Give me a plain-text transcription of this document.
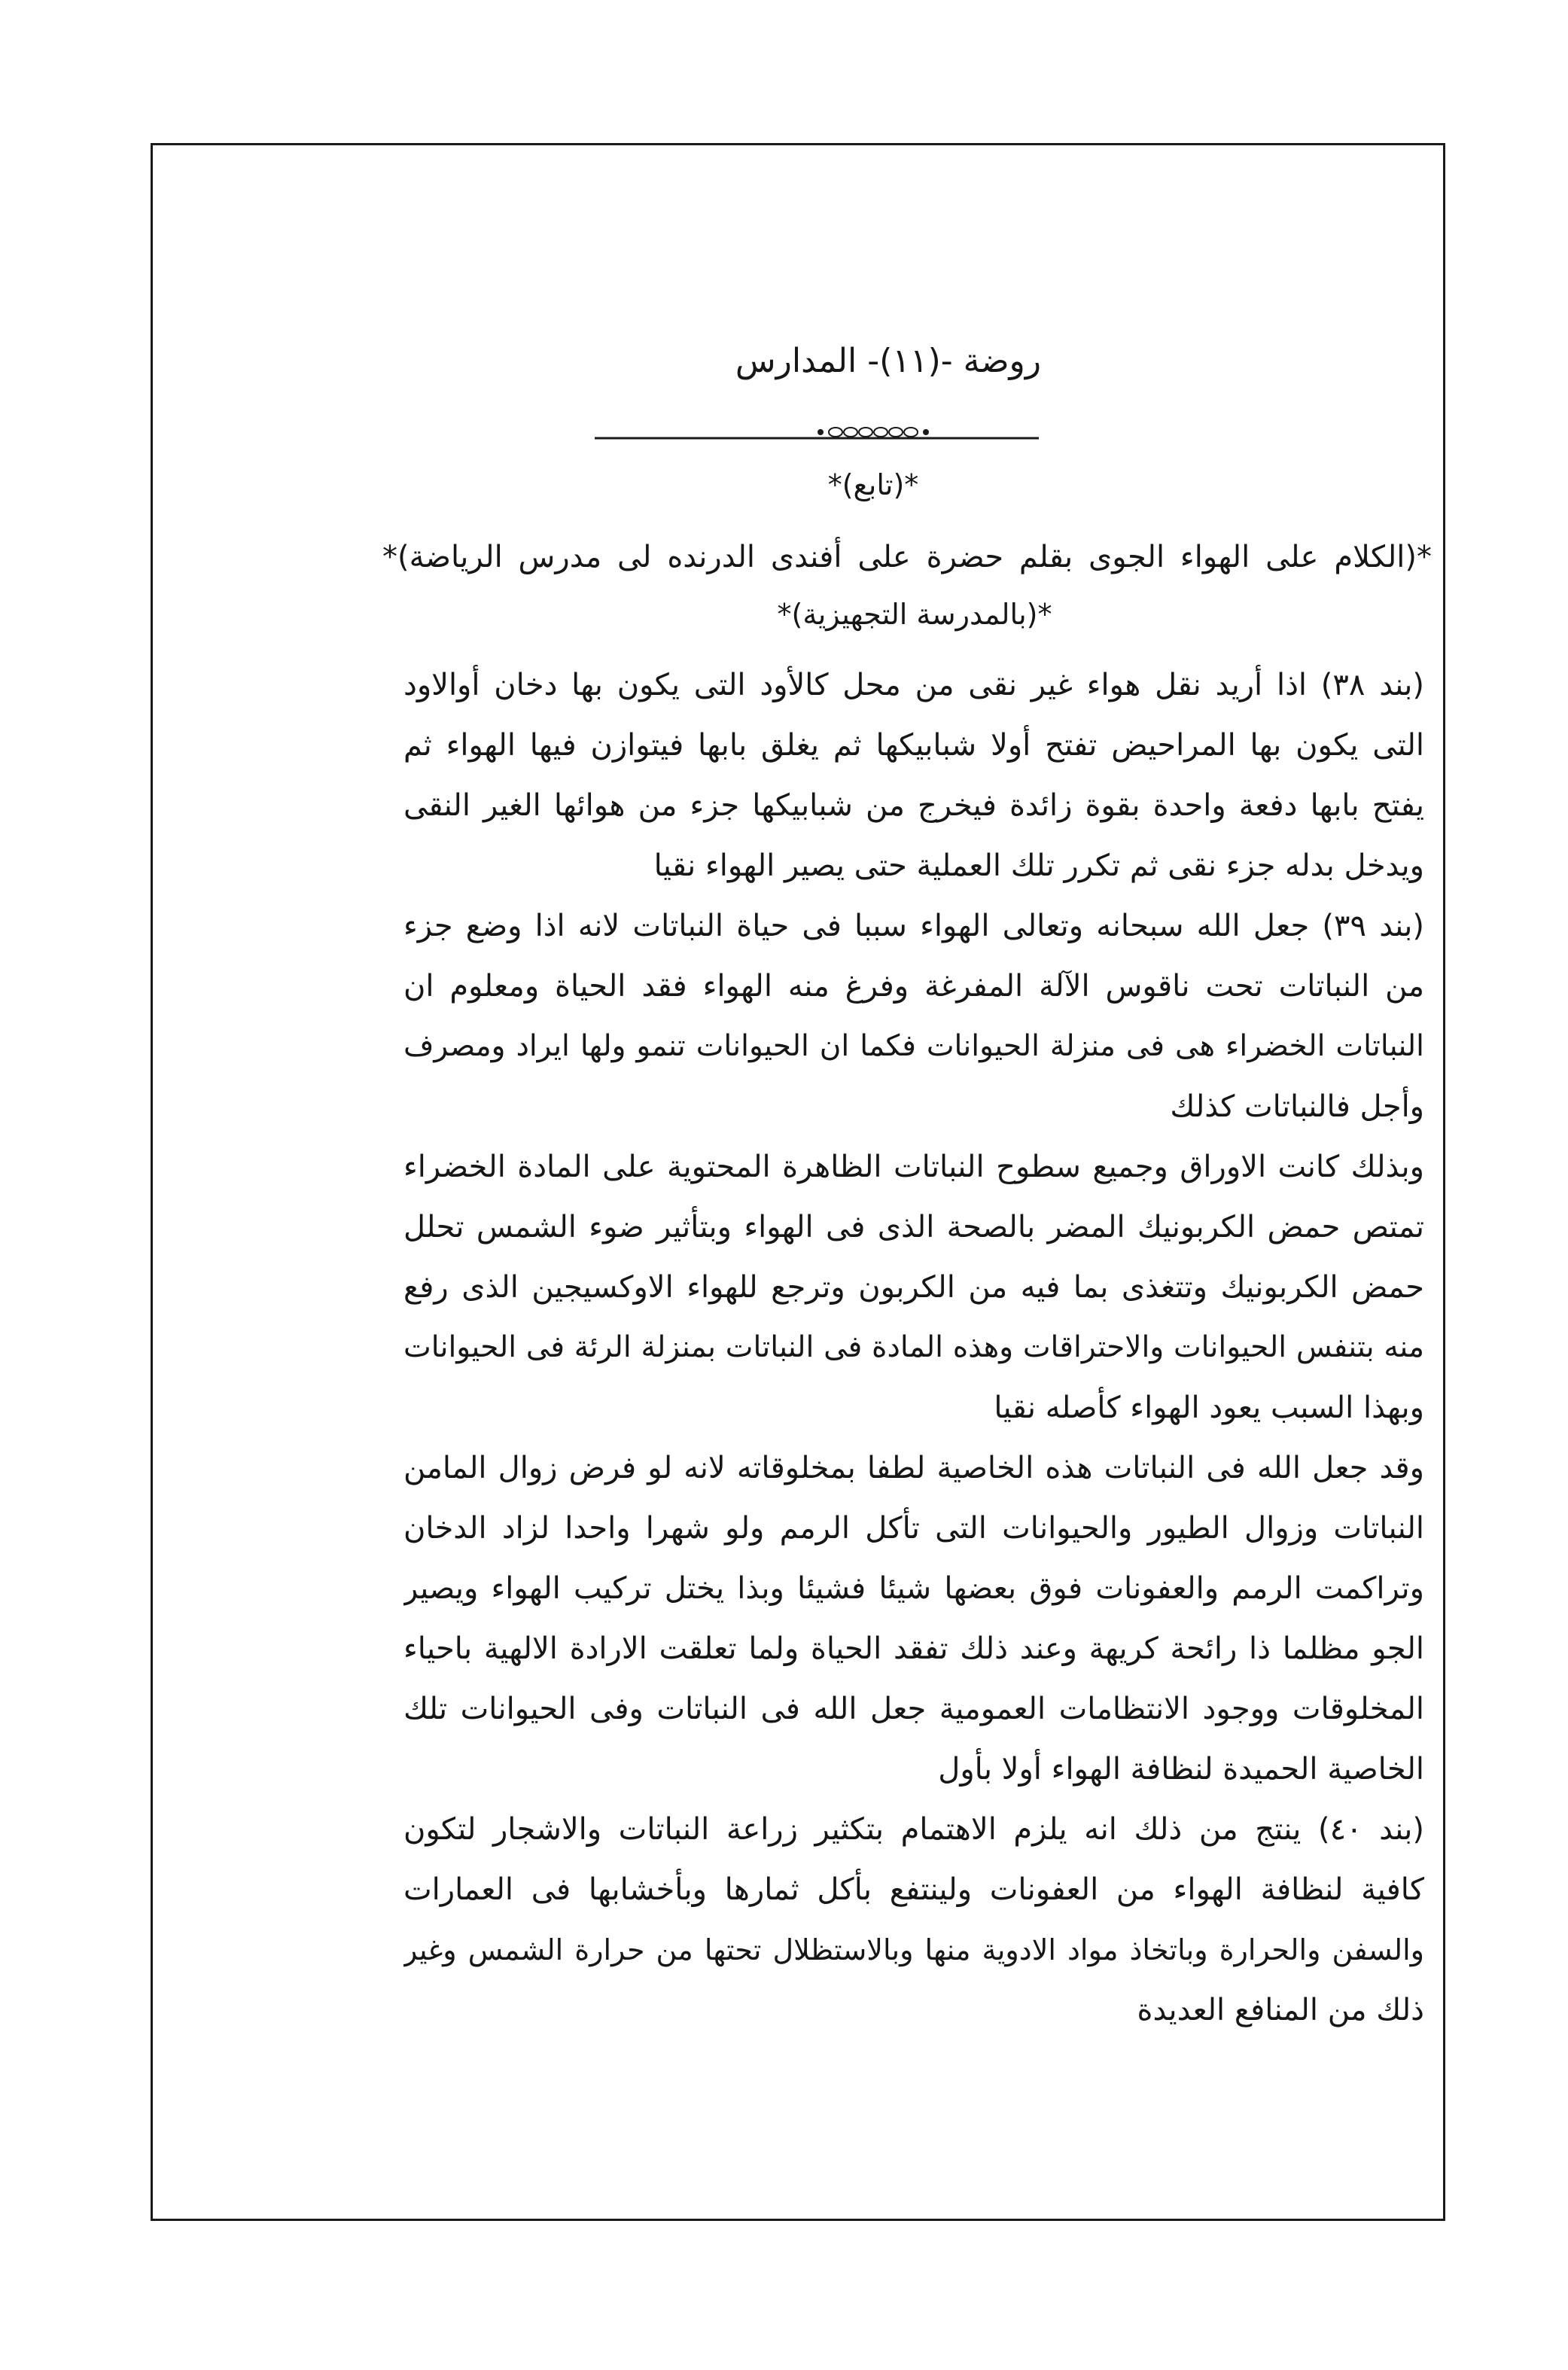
روضة -(١١)- المدارس
*(تابع)*
*(الكلام على الهواء الجوى بقلم حضرة على أفندى الدرنده لى مدرس الرياضة)*
*(بالمدرسة التجهيزية)*
(بند ٣٨) اذا أريد نقل هواء غير نقى من محل كالأود التى يكون بها دخان أوالاود
التى يكون بها المراحيض تفتح أولا شبابيكها ثم يغلق بابها فيتوازن فيها الهواء ثم
يفتح بابها دفعة واحدة بقوة زائدة فيخرج من شبابيكها جزء من هوائها الغير النقى
ويدخل بدله جزء نقى ثم تكرر تلك العملية حتى يصير الهواء نقيا
(بند ٣٩) جعل الله سبحانه وتعالى الهواء سببا فى حياة النباتات لانه اذا وضع جزء
من النباتات تحت ناقوس الآلة المفرغة وفرغ منه الهواء فقد الحياة ومعلوم ان
النباتات الخضراء هى فى منزلة الحيوانات فكما ان الحيوانات تنمو ولها ايراد ومصرف
وأجل فالنباتات كذلك
وبذلك كانت الاوراق وجميع سطوح النباتات الظاهرة المحتوية على المادة الخضراء
تمتص حمض الكربونيك المضر بالصحة الذى فى الهواء وبتأثير ضوء الشمس تحلل
حمض الكربونيك وتتغذى بما فيه من الكربون وترجع للهواء الاوكسيجين الذى رفع
منه بتنفس الحيوانات والاحتراقات وهذه المادة فى النباتات بمنزلة الرئة فى الحيوانات
وبهذا السبب يعود الهواء كأصله نقيا
وقد جعل الله فى النباتات هذه الخاصية لطفا بمخلوقاته لانه لو فرض زوال المامن
النباتات وزوال الطيور والحيوانات التى تأكل الرمم ولو شهرا واحدا لزاد الدخان
وتراكمت الرمم والعفونات فوق بعضها شيئا فشيئا وبذا يختل تركيب الهواء ويصير
الجو مظلما ذا رائحة كريهة وعند ذلك تفقد الحياة ولما تعلقت الارادة الالهية باحياء
المخلوقات ووجود الانتظامات العمومية جعل الله فى النباتات وفى الحيوانات تلك
الخاصية الحميدة لنظافة الهواء أولا بأول
(بند ٤٠) ينتج من ذلك انه يلزم الاهتمام بتكثير زراعة النباتات والاشجار لتكون
كافية لنظافة الهواء من العفونات ولينتفع بأكل ثمارها وبأخشابها فى العمارات
والسفن والحرارة وباتخاذ مواد الادوية منها وبالاستظلال تحتها من حرارة الشمس وغير
ذلك من المنافع العديدة
